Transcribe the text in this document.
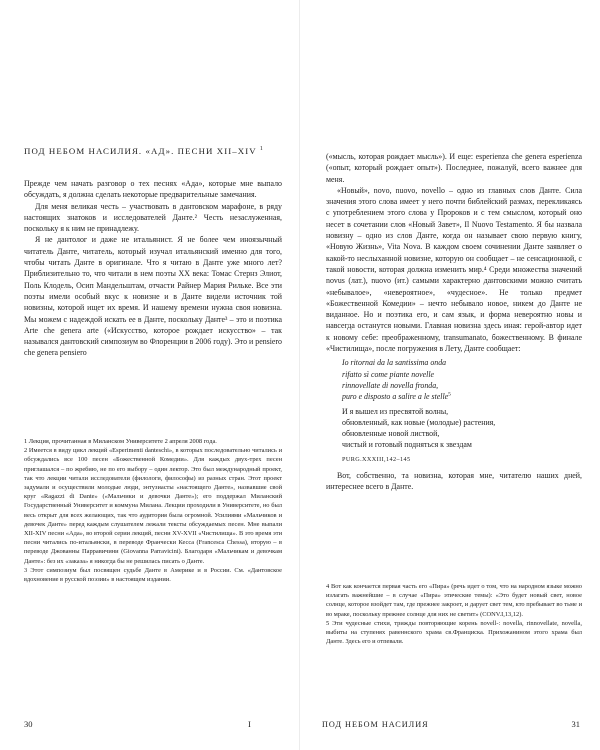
ПОД НЕБОМ НАСИЛИЯ. «АД». ПЕСНИ XII–XIV $^1$

Прежде чем начать разговор о тех песнях «Ада», которые мне выпало обсуждать, я должна сделать некоторые предварительные замечания.

Для меня великая честь – участвовать в дантовском марафоне, в ряду настоящих знатоков и исследователей Данте.² Честь незаслуженная, поскольку я к ним не принадлежу.

Я не дантолог и даже не итальянист. Я не более чем иноязычный читатель Данте, читатель, который изучал итальянский именно для того, чтобы читать Данте в оригинале. Что я читаю в Данте уже много лет? Приблизительно то, что читали в нем поэты XX века: Томас Стернз Элиот, Поль Клодель, Осип Мандельштам, отчасти Райнер Мария Рильке. Все эти поэты имели особый вкус к новизне и в Данте видели источник той новизны, которой ищет их время. И нашему времени нужна своя новизна. Мы можем с надеждой искать ее в Данте, поскольку Данте³ – это и поэтика Arte che genera arte («Искусство, которое рождает искусство» – так назывался дантовский симпозиум во Флоренции в 2006 году). Это и pensiero che genera pensiero

1 Лекция, прочитанная в Миланском Университете 2 апреля 2008 года.

2 Имеется в виду цикл лекций «Esperimenti danteschi», в которых последовательно читались и обсуждались все 100 песен «Божественной Комедии». Для каждых двух-трех песен приглашался – по жребию, не по его выбору – один лектор. Это был международный проект, так что лекции читали исследователи (филологи, философы) из разных стран. Этот проект задумали и осуществили молодые люди, энтузиасты «настоящего Данте», назвавшие свой круг «Ragazzi di Dante» («Мальчики и девочки Данте»); его поддержал Миланский Государственный Университет и коммуна Милана. Лекции проходили в Университете, но был весь открыт для всех желающих, так что аудитория была огромной. Усилиями «Мальчиков и девочек Данте» перед каждым слушателем лежали тексты обсуждаемых песен. Мне выпали XII-XIV песни «Ада», во второй серии лекций, песни XV-XVII «Чистилища». В это время эти песни читались по-итальянски, в переводе Франчески Кесса (Francesca Chessa), вторую – в переводе Джованны Парравичини (Giovanna Parravicini). Благодаря «Мальчикам и девочкам Данте»: без их «заказа» я никогда бы не решилась писать о Данте.

3 Этот симпозиум был посвящен судьбе Данте в Америке и в России. См. «Дантовское вдохновение в русской поэзии» в настоящем издании.

30	I

(«мысль, которая рождает мысль»). И еще: esperienza che genera esperienza («опыт, который рождает опыт»). Последнее, пожалуй, всего важнее для меня.

«Новый», novo, nuovo, novello – одно из главных слов Данте. Сила значения этого слова имеет у него почти библейский размах, перекликаясь с употреблением этого слова у Пророков и с тем смыслом, который оно несет в сочетании слов «Новый Завет», Il Nuovo Testamento. Я бы назвала новизну – одно из слов Данте, когда он называет свою первую книгу, «Новую Жизнь», Vita Nova. В каждом своем сочинении Данте заявляет о какой-то неслыханной новизне, которую он сообщает – не сенсационной, с такой новости, которая должна изменить мир.⁴ Среди множества значений novus (лат.), nuovo (ит.) самыми характерно дантовскими можно считать «небывалое», «невероятное», «чудесное». Не только предмет «Божественной Комедии» – нечто небывало новое, никем до Данте не виданное. Но и поэтика его, и сам язык, и форма невероятно новы и навсегда останутся новыми. Главная новизна здесь иная: герой-автор идет к новому себе: преображенному, transumanato, божественному. В финале «Чистилища», после погружения в Лету, Данте сообщает:

Io ritornai da la santissima onda
rifatto sì come piante novelle
rinnovellate di novella fronda,
puro e disposto a salire a le stelle$^5$
И я вышел из пресвятой волны,
обновленный, как новые (молодые) растения,
обновленные новой листвой,
чистый и готовый подняться к звездам
PURG.XXXIII,142–145

Вот, собственно, та новизна, которая мне, читателю наших дней, интереснее всего в Данте.

4 Вот как кончается первая часть его «Пира» (речь идет о том, что на народном языке можно излагать важнейшие – в случае «Пира» этические темы): «Это будет новый свет, новое солнце, которое взойдет там, где прежнее закроет, и дарует свет тем, кто пребывает во тьме и во мраке, поскольку прежнее солнце для них не светит» (CONV.I,13,12).

5 Эти чудесные стихи, трижды повторяющие корень novell-: novella, rinnovellate, novella, выбиты на ступенях равеннского храма св.Франциска. Прихожанином этого храма был Данте. Здесь его и отпевали.

ПОД НЕБОМ НАСИЛИЯ	31
